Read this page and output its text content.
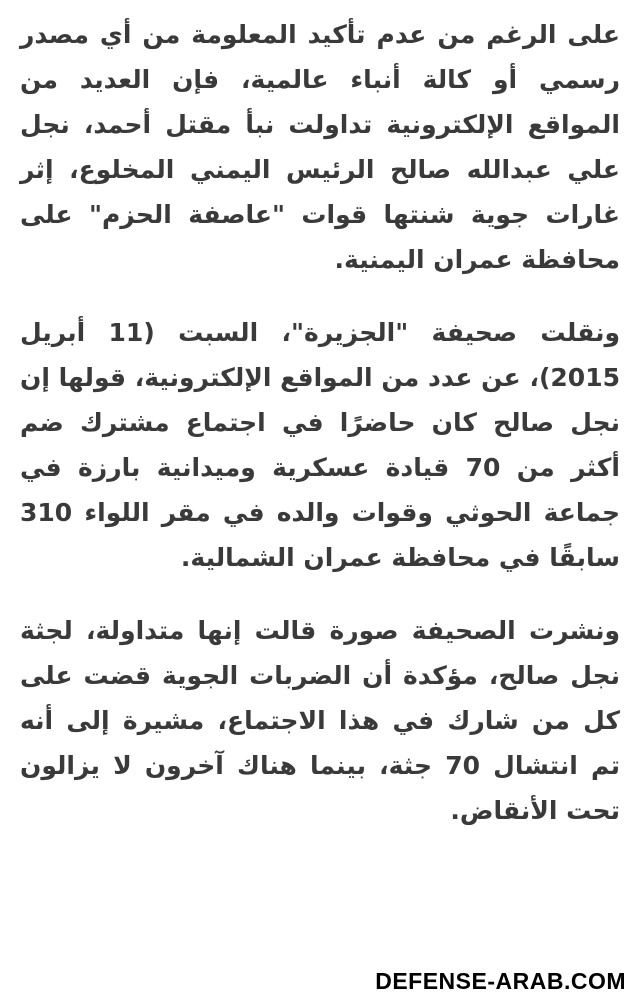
على الرغم من عدم تأكيد المعلومة من أي مصدر رسمي أو كالة أنباء عالمية، فإن العديد من المواقع الإلكترونية تداولت نبأ مقتل أحمد، نجل علي عبدالله صالح الرئيس اليمني المخلوع، إثر غارات جوية شنتها قوات "عاصفة الحزم" على محافظة عمران اليمنية.

ونقلت صحيفة "الجزيرة"، السبت (11 أبريل 2015)، عن عدد من المواقع الإلكترونية، قولها إن نجل صالح كان حاضرًا في اجتماع مشترك ضم أكثر من 70 قيادة عسكرية وميدانية بارزة في جماعة الحوثي وقوات والده في مقر اللواء 310 سابقًا في محافظة عمران الشمالية.

ونشرت الصحيفة صورة قالت إنها متداولة، لجثة نجل صالح، مؤكدة أن الضربات الجوية قضت على كل من شارك في هذا الاجتماع، مشيرة إلى أنه تم انتشال 70 جثة، بينما هناك آخرون لا يزالون تحت الأنقاض.

DEFENSE-ARAB.COM
